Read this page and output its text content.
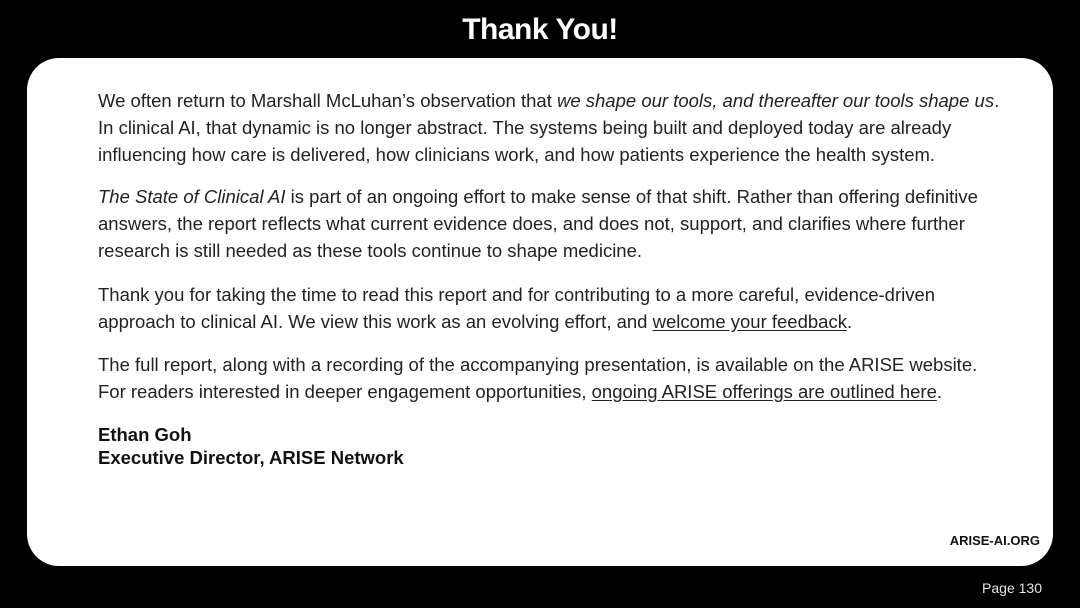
Thank You!

We often return to Marshall McLuhan’s observation that we shape our tools, and thereafter our tools shape us. In clinical AI, that dynamic is no longer abstract. The systems being built and deployed today are already influencing how care is delivered, how clinicians work, and how patients experience the health system.

The State of Clinical AI is part of an ongoing effort to make sense of that shift. Rather than offering definitive answers, the report reflects what current evidence does, and does not, support, and clarifies where further research is still needed as these tools continue to shape medicine.

Thank you for taking the time to read this report and for contributing to a more careful, evidence-driven approach to clinical AI. We view this work as an evolving effort, and welcome your feedback.

The full report, along with a recording of the accompanying presentation, is available on the ARISE website. For readers interested in deeper engagement opportunities, ongoing ARISE offerings are outlined here.

Ethan Goh
Executive Director, ARISE Network
ARISE-AI.ORG
Page 130
